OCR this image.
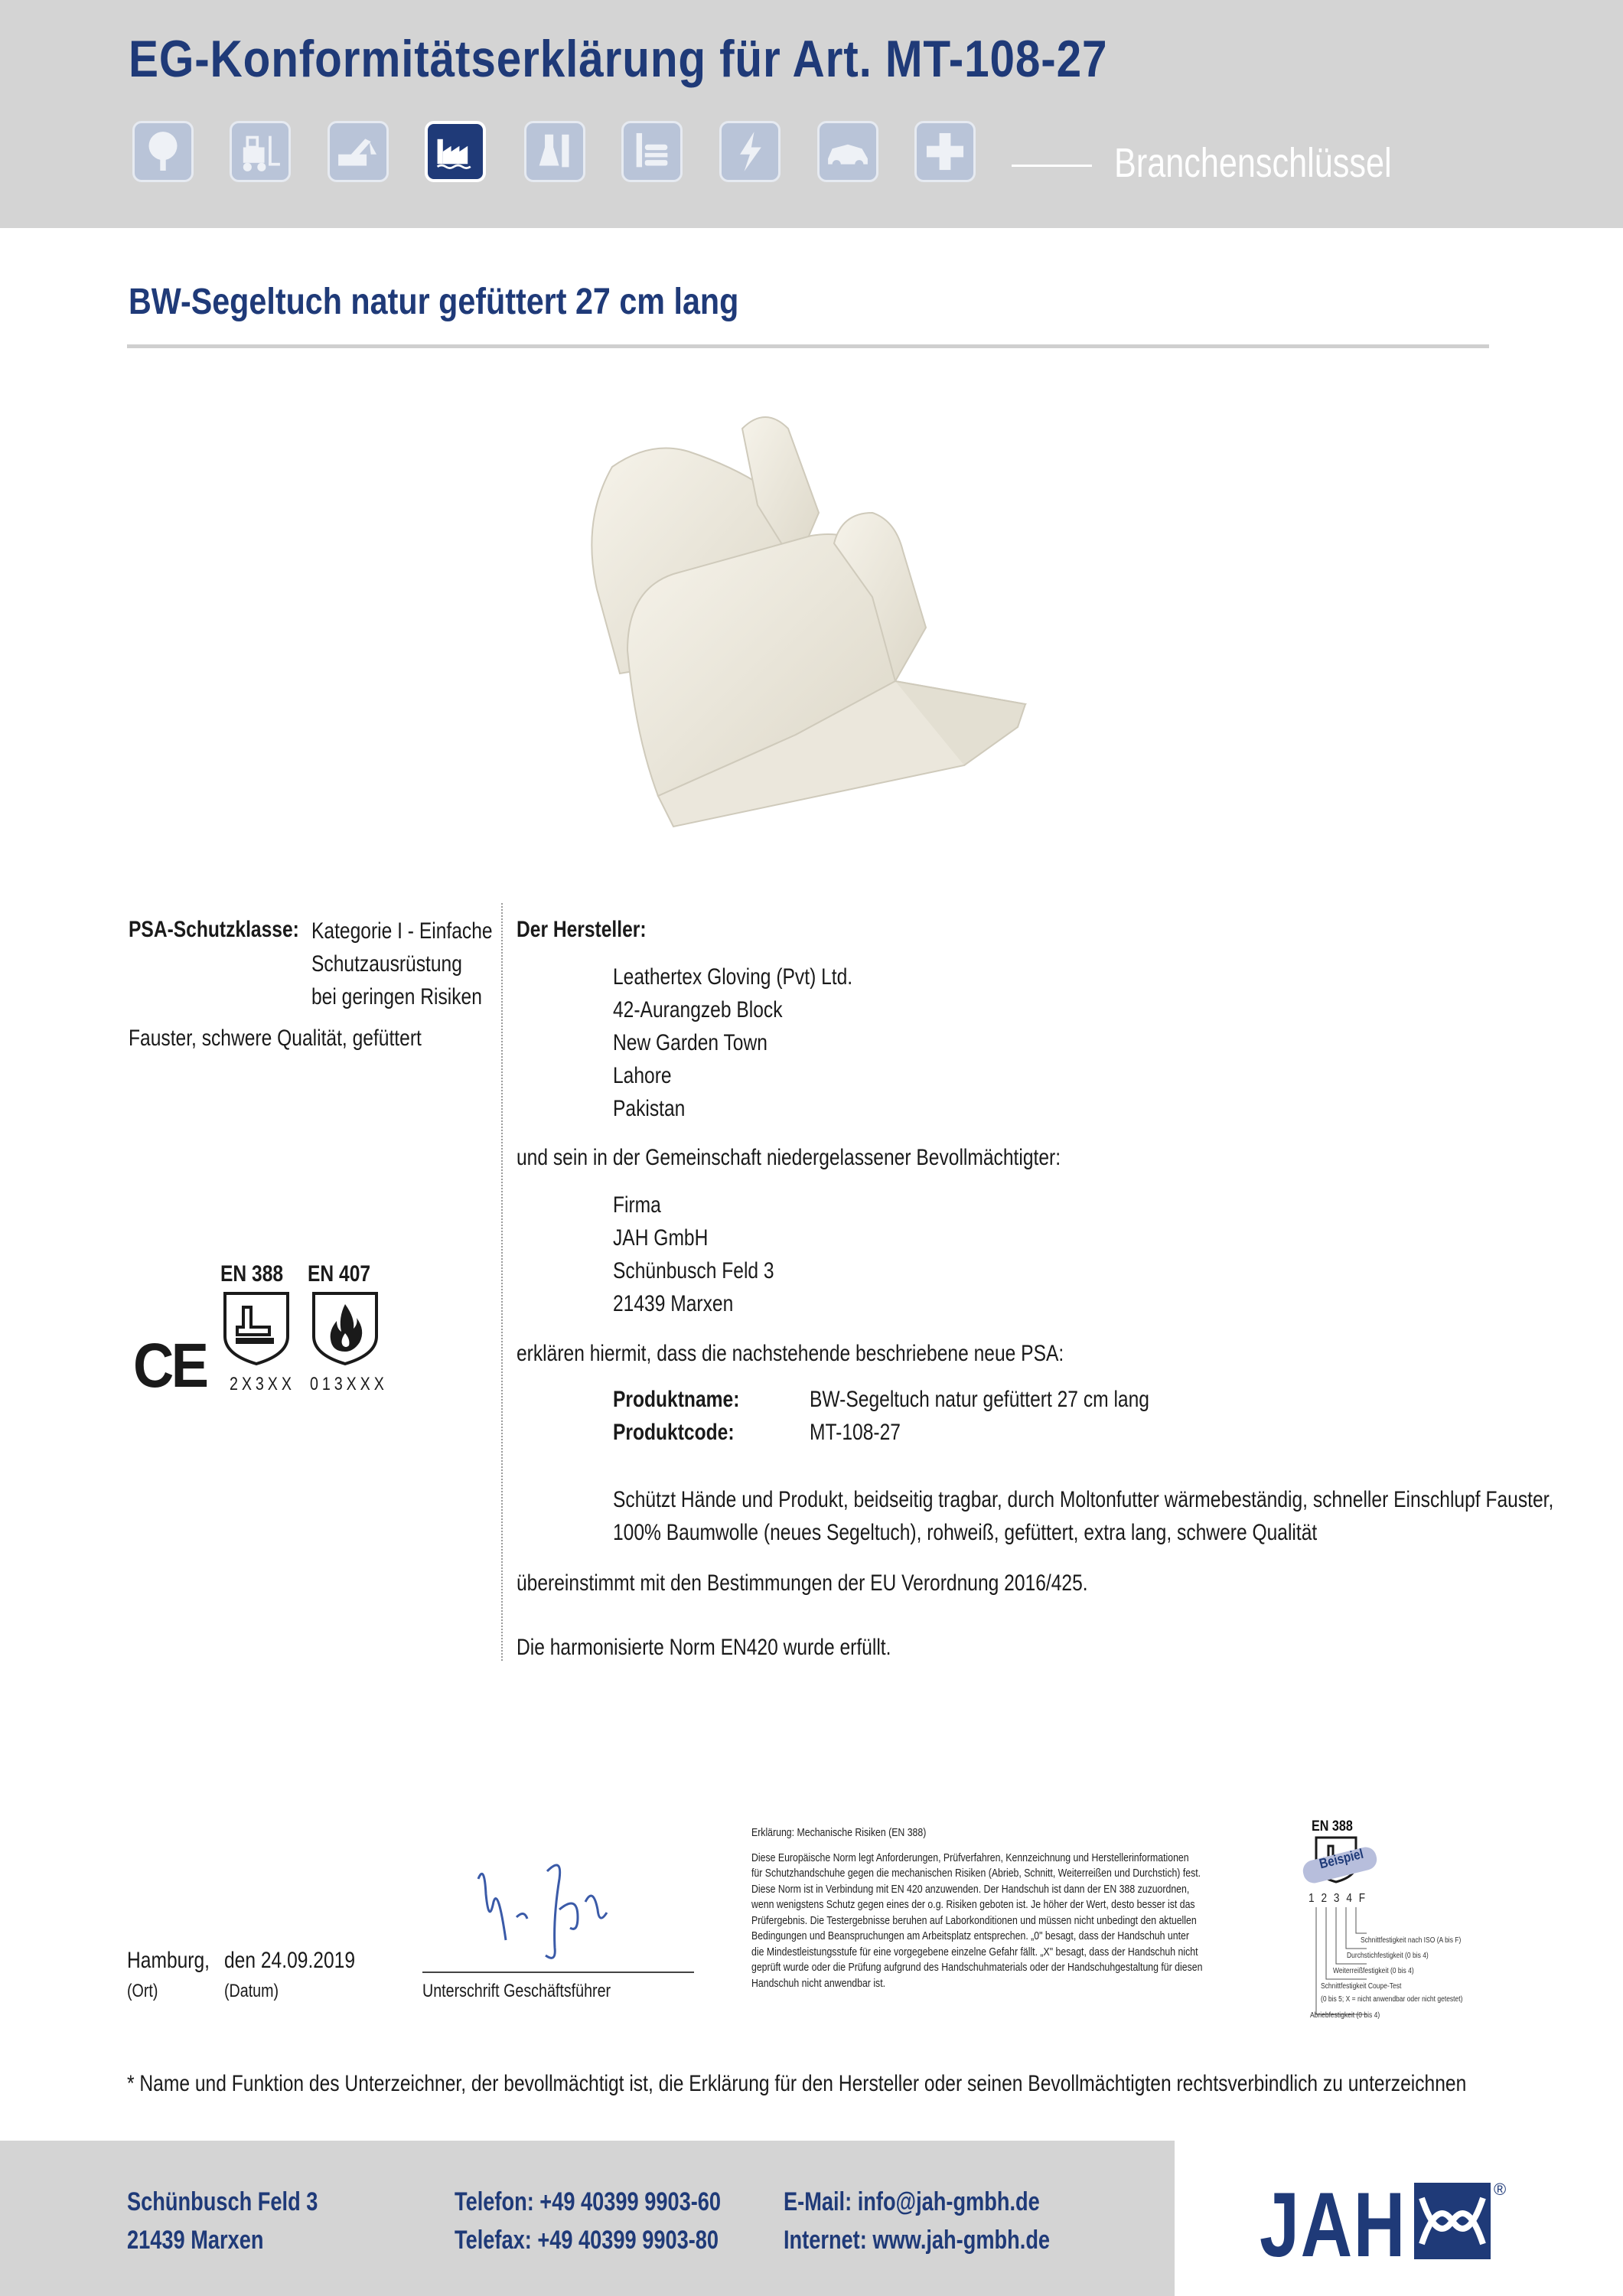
EG-Konformitätserklärung für Art. MT-108-27
Branchenschlüssel
BW-Segeltuch natur gefüttert 27 cm lang
PSA-Schutzklasse: Kategorie I - Einfache
Schutzausrüstung
bei geringen Risiken
Fauster, schwere Qualität, gefüttert
EN 388 EN 407
2X3XX 013XXX
CE
Der Hersteller:
Leathertex Gloving (Pvt) Ltd.
42-Aurangzeb Block
New Garden Town
Lahore
Pakistan
und sein in der Gemeinschaft niedergelassener Bevollmächtigter:
Firma
JAH GmbH
Schünbusch Feld 3
21439 Marxen
erklären hiermit, dass die nachstehende beschriebene neue PSA:
Produktname:	BW-Segeltuch natur gefüttert 27 cm lang
Produktcode:	MT-108-27
Schützt Hände und Produkt, beidseitig tragbar, durch Moltonfutter wärmebeständig, schneller Einschlupf Fauster,
100% Baumwolle (neues Segeltuch), rohweiß, gefüttert, extra lang, schwere Qualität
übereinstimmt mit den Bestimmungen der EU Verordnung 2016/425.
Die harmonisierte Norm EN420 wurde erfüllt.
Hamburg, den 24.09.2019
(Ort)	(Datum)	Unterschrift Geschäftsführer
Erklärung: Mechanische Risiken (EN 388)
Diese Europäische Norm legt Anforderungen, Prüfverfahren, Kennzeichnung und Herstellerinformationen
für Schutzhandschuhe gegen die mechanischen Risiken (Abrieb, Schnitt, Weiterreißen und Durchstich) fest.
Diese Norm ist in Verbindung mit EN 420 anzuwenden. Der Handschuh ist dann der EN 388 zuzuordnen,
wenn wenigstens Schutz gegen eines der o.g. Risiken geboten ist. Je höher der Wert, desto besser ist das
Prüfergebnis. Die Testergebnisse beruhen auf Laborkonditionen und müssen nicht unbedingt den aktuellen
Bedingungen und Beanspruchungen am Arbeitsplatz entsprechen. „0" besagt, dass der Handschuh unter
die Mindestleistungsstufe für eine vorgegebene einzelne Gefahr fällt. „X" besagt, dass der Handschuh nicht
geprüft wurde oder die Prüfung aufgrund des Handschuhmaterials oder der Handschuhgestaltung für diesen
Handschuh nicht anwendbar ist.
EN 388
Beispiel
1 2 3 4 F
Schnittfestigkeit nach ISO (A bis F)
Durchstichfestigkeit (0 bis 4)
Weiterreißfestigkeit (0 bis 4)
Schnittfestigkeit Coupe-Test
(0 bis 5; X = nicht anwendbar oder nicht getestet)
Abriebfestigkeit (0 bis 4)
* Name und Funktion des Unterzeichner, der bevollmächtigt ist, die Erklärung für den Hersteller oder seinen Bevollmächtigten rechtsverbindlich zu unterzeichnen
Schünbusch Feld 3
21439 Marxen
Telefon: +49 40399 9903-60
Telefax: +49 40399 9903-80
E-Mail: info@jah-gmbh.de
Internet: www.jah-gmbh.de JAH	®
